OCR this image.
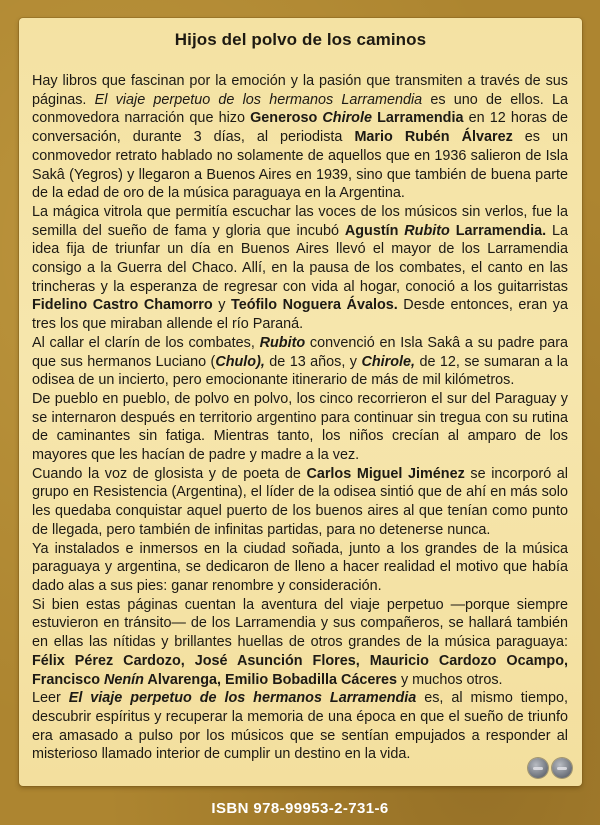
Hijos del polvo de los caminos

Hay libros que fascinan por la emoción y la pasión que transmiten a través de sus páginas. El viaje perpetuo de los hermanos Larramendia es uno de ellos. La conmovedora narración que hizo Generoso Chirole Larramendia en 12 horas de conversación, durante 3 días, al periodista Mario Rubén Álvarez es un conmovedor retrato hablado no solamente de aquellos que en 1936 salieron de Isla Sakâ (Yegros) y llegaron a Buenos Aires en 1939, sino que también de buena parte de la edad de oro de la música paraguaya en la Argentina.

La mágica vitrola que permitía escuchar las voces de los músicos sin verlos, fue la semilla del sueño de fama y gloria que incubó Agustín Rubito Larramendia. La idea fija de triunfar un día en Buenos Aires llevó el mayor de los Larramendia consigo a la Guerra del Chaco. Allí, en la pausa de los combates, el canto en las trincheras y la esperanza de regresar con vida al hogar, conoció a los guitarristas Fidelino Castro Chamorro y Teófilo Noguera Ávalos. Desde entonces, eran ya tres los que miraban allende el río Paraná.

Al callar el clarín de los combates, Rubito convenció en Isla Sakâ a su padre para que sus hermanos Luciano (Chulo), de 13 años, y Chirole, de 12, se sumaran a la odisea de un incierto, pero emocionante itinerario de más de mil kilómetros.

De pueblo en pueblo, de polvo en polvo, los cinco recorrieron el sur del Paraguay y se internaron después en territorio argentino para continuar sin tregua con su rutina de caminantes sin fatiga. Mientras tanto, los niños crecían al amparo de los mayores que les hacían de padre y madre a la vez.

Cuando la voz de glosista y de poeta de Carlos Miguel Jiménez se incorporó al grupo en Resistencia (Argentina), el líder de la odisea sintió que de ahí en más solo les quedaba conquistar aquel puerto de los buenos aires al que tenían como punto de llegada, pero también de infinitas partidas, para no detenerse nunca.

Ya instalados e inmersos en la ciudad soñada, junto a los grandes de la música paraguaya y argentina, se dedicaron de lleno a hacer realidad el motivo que había dado alas a sus pies: ganar renombre y consideración.

Si bien estas páginas cuentan la aventura del viaje perpetuo —porque siempre estuvieron en tránsito— de los Larramendia y sus compañeros, se hallará también en ellas las nítidas y brillantes huellas de otros grandes de la música paraguaya: Félix Pérez Cardozo, José Asunción Flores, Mauricio Cardozo Ocampo, Francisco Nenín Alvarenga, Emilio Bobadilla Cáceres y muchos otros.

Leer El viaje perpetuo de los hermanos Larramendia es, al mismo tiempo, descubrir espíritus y recuperar la memoria de una época en que el sueño de triunfo era amasado a pulso por los músicos que se sentían empujados a responder al misterioso llamado interior de cumplir un destino en la vida.

ISBN 978-99953-2-731-6
